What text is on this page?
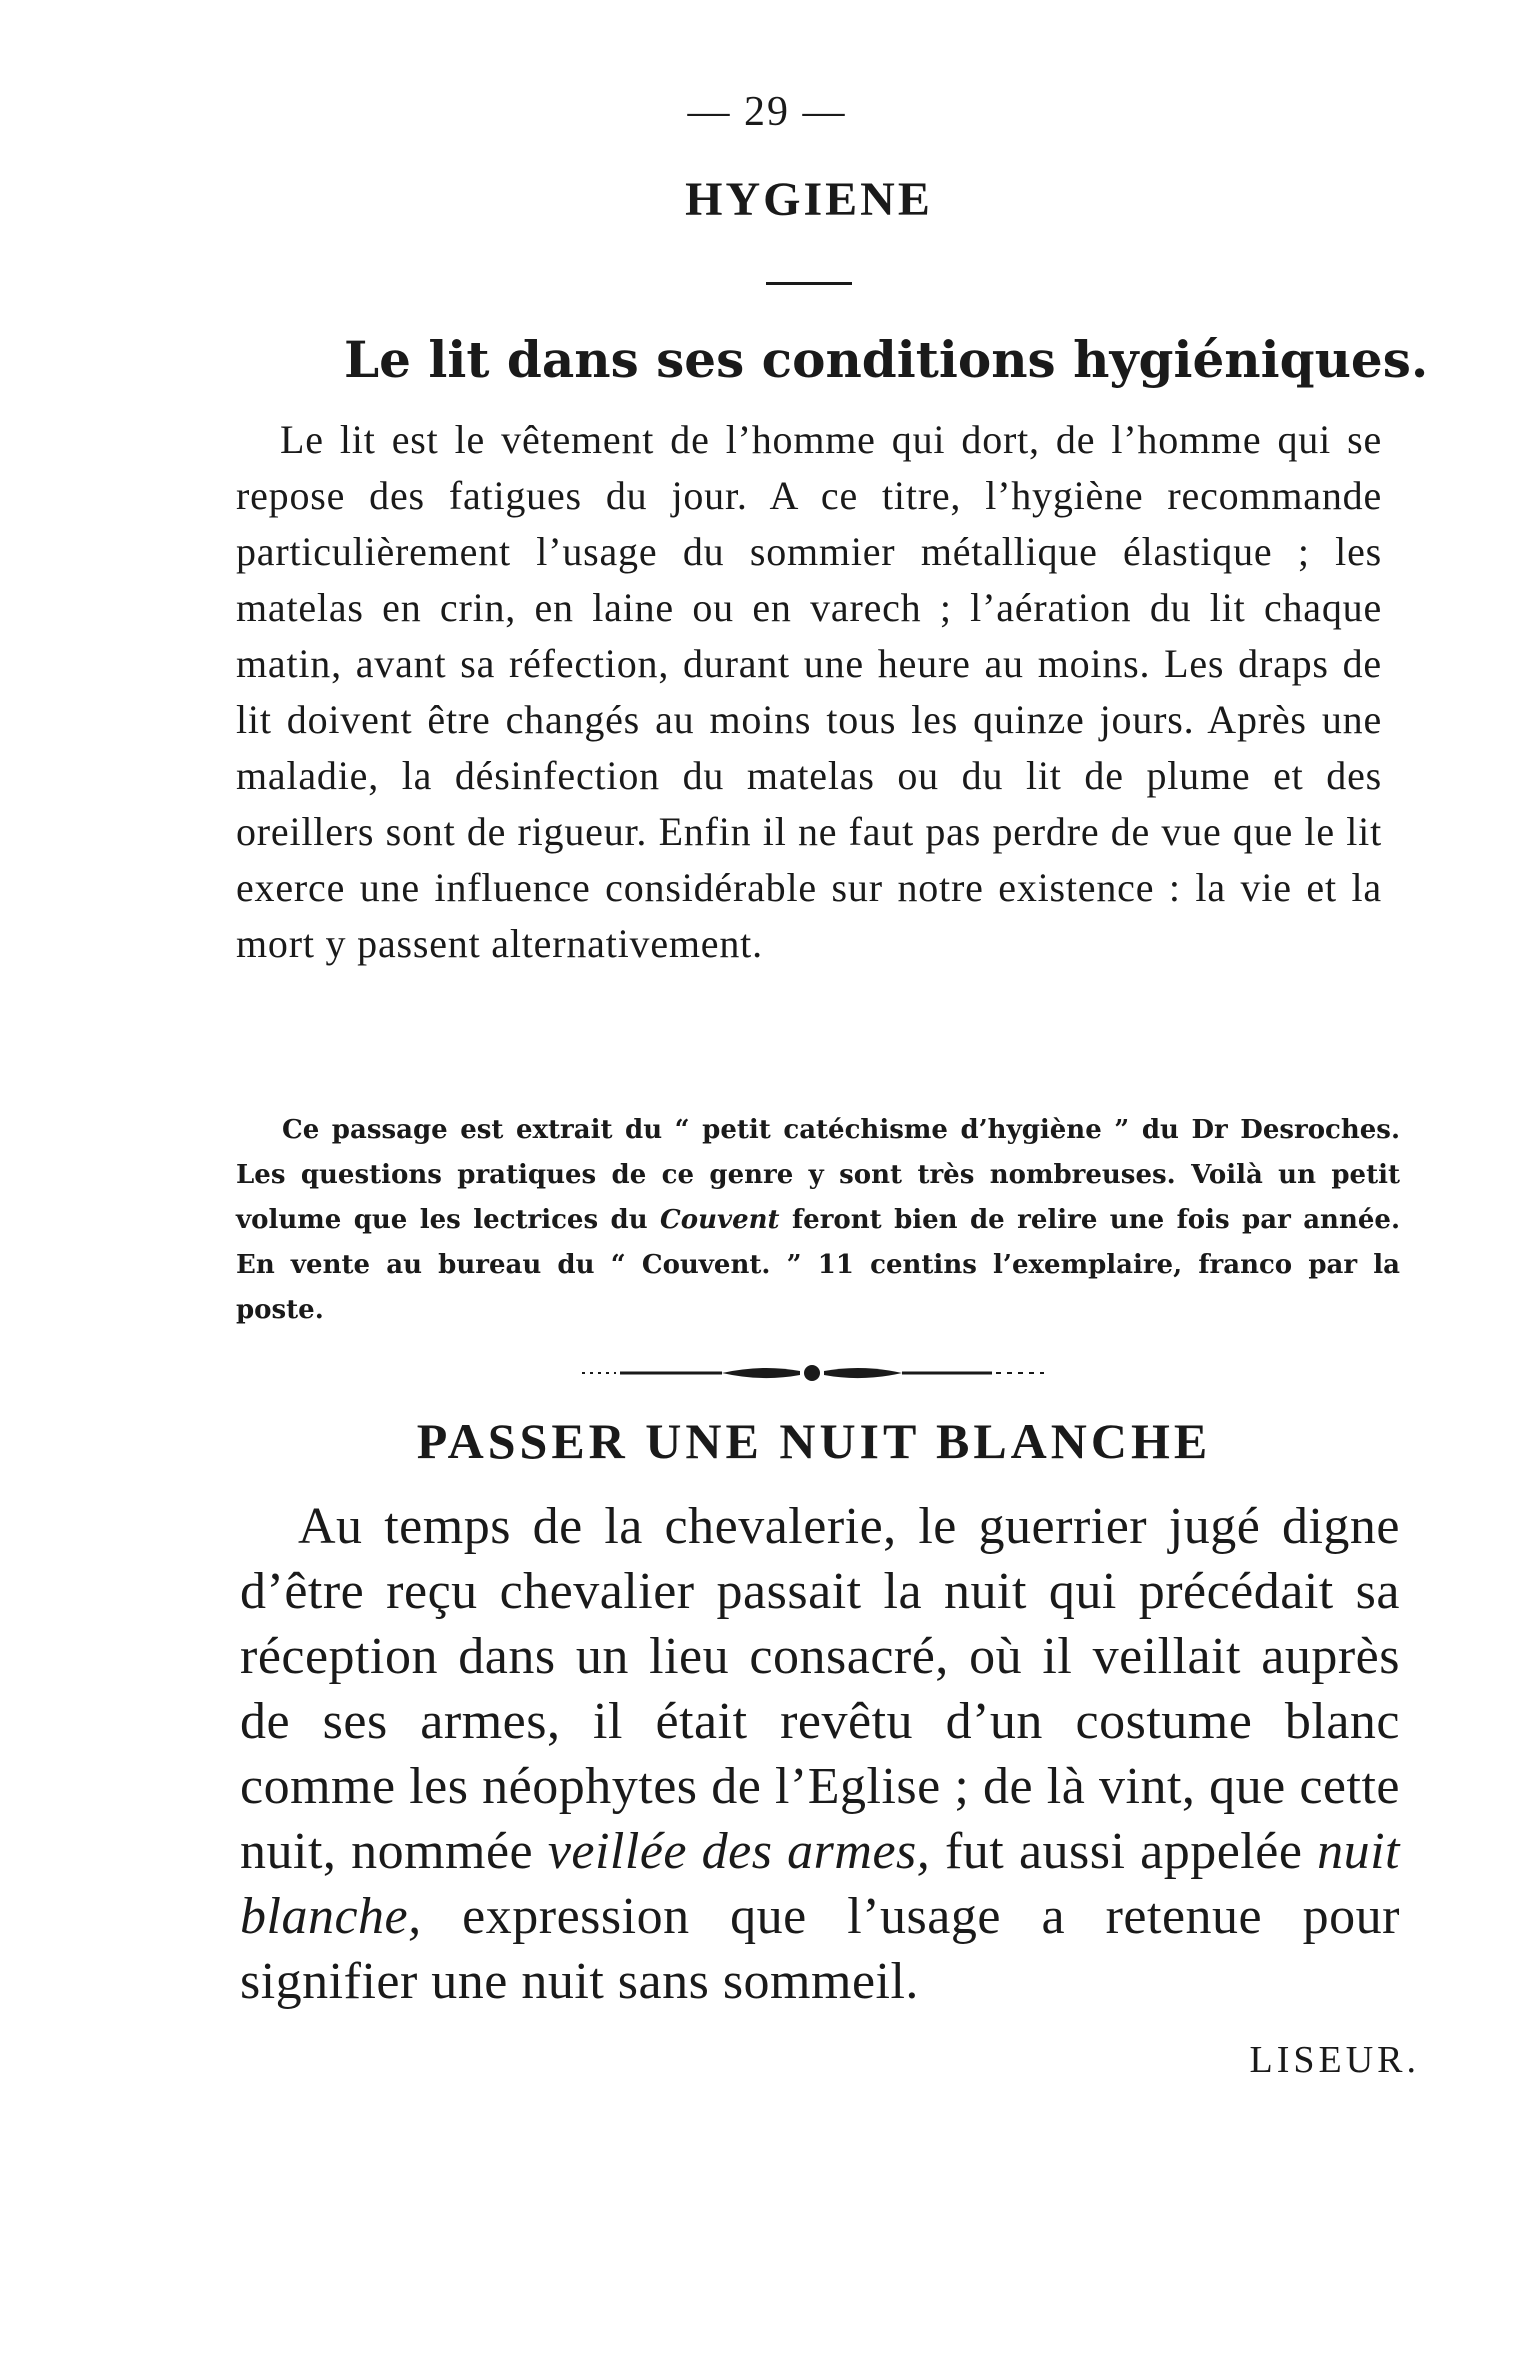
— 29 —
HYGIENE
Le lit dans ses conditions hygiéniques.
Le lit est le vêtement de l’homme qui dort, de l’homme qui se repose des fatigues du jour. A ce titre, l’hygiène recommande particulièrement l’usage du sommier métallique élastique ; les matelas en crin, en laine ou en varech ; l’aération du lit chaque matin, avant sa réfection, durant une heure au moins. Les draps de lit doivent être changés au moins tous les quinze jours. Après une maladie, la désinfection du matelas ou du lit de plume et des oreillers sont de rigueur. Enfin il ne faut pas perdre de vue que le lit exerce une influence considérable sur notre existence : la vie et la mort y passent alternativement.
Ce passage est extrait du “ petit catéchisme d’hygiène ” du Dr Desroches. Les questions pratiques de ce genre y sont très nombreuses. Voilà un petit volume que les lectrices du Couvent feront bien de relire une fois par année. En vente au bureau du “ Couvent. ” 11 centins l’exemplaire, franco par la poste.
PASSER UNE NUIT BLANCHE
Au temps de la chevalerie, le guerrier jugé digne d’être reçu chevalier passait la nuit qui précédait sa réception dans un lieu consacré, où il veillait auprès de ses armes, il était revêtu d’un costume blanc comme les néophytes de l’Eglise ; de là vint, que cette nuit, nommée veillée des armes, fut aussi appelée nuit blanche, expression que l’usage a retenue pour signifier une nuit sans sommeil.
LISEUR.
